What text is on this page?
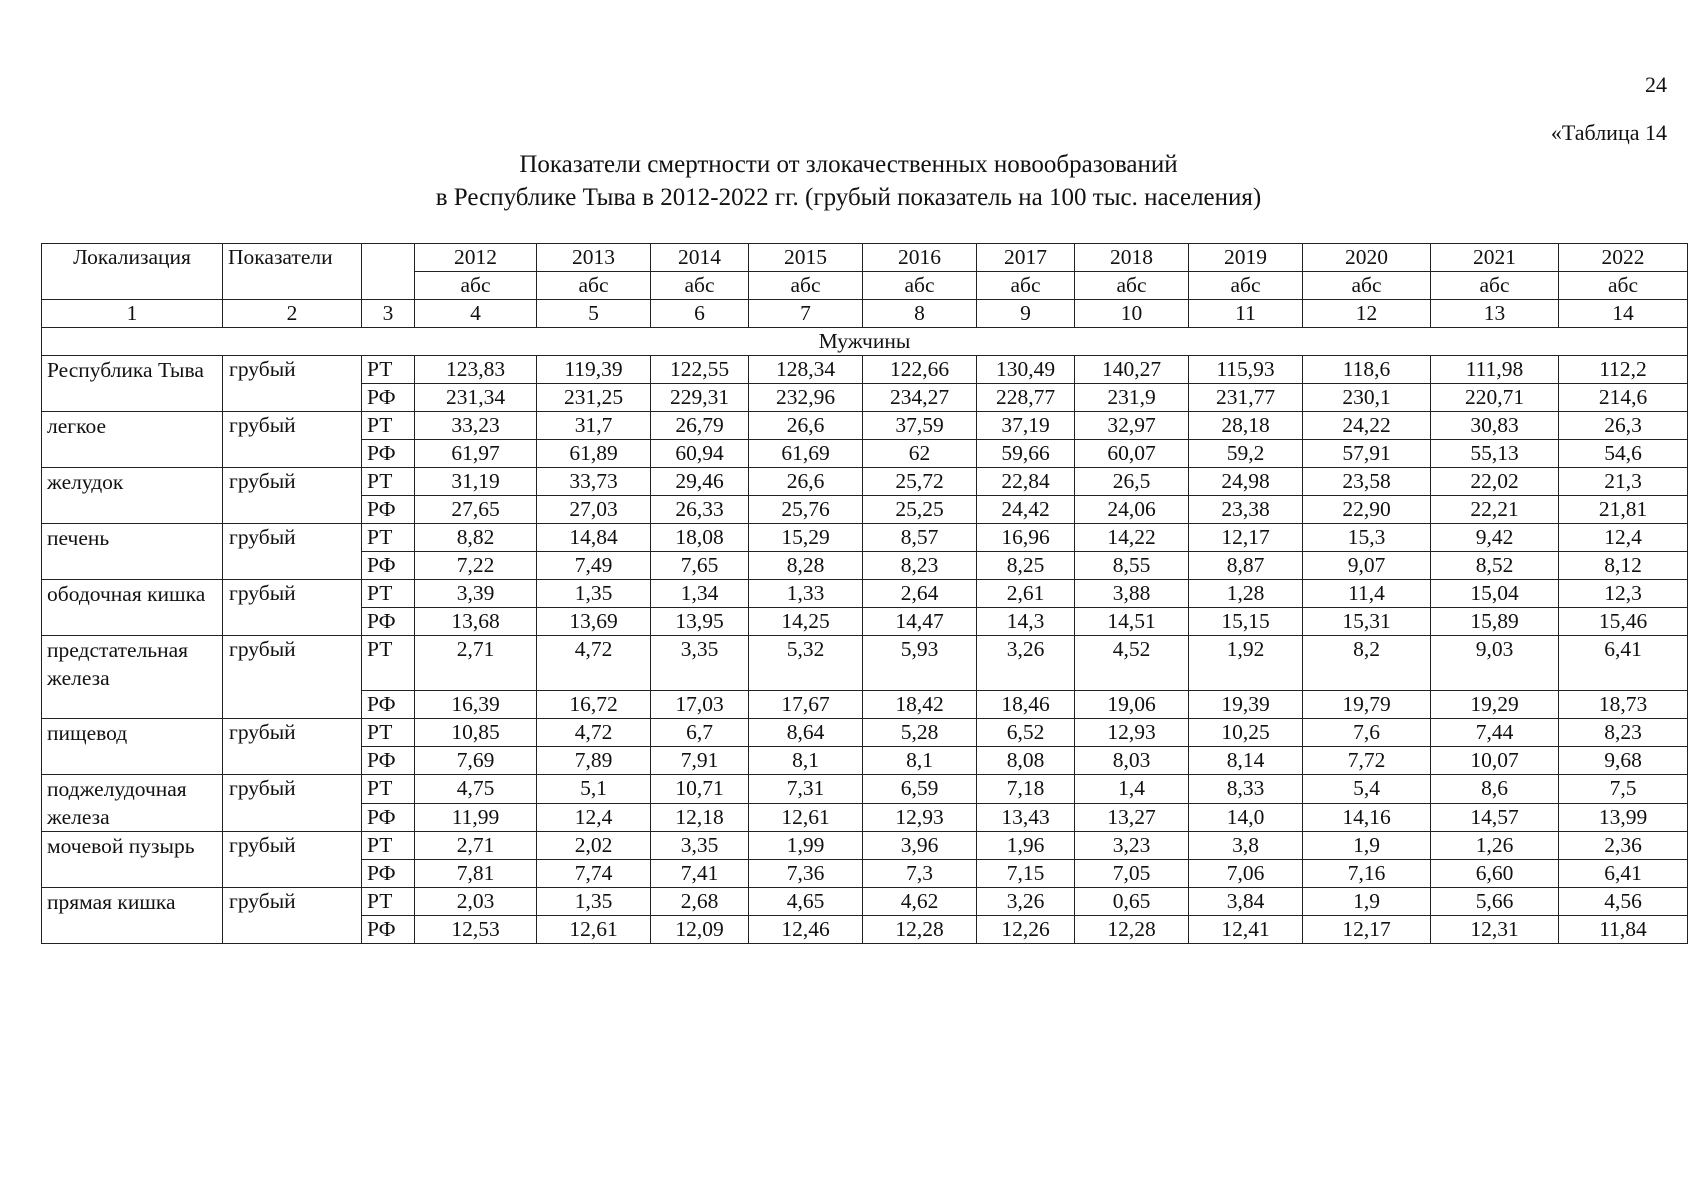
24
«Таблица 14
Показатели смертности от злокачественных новообразований
в Республике Тыва в 2012-2022 гг. (грубый показатель на 100 тыс. населения)
Локализация	Показатели		2012	2013	2014	2015	2016	2017	2018	2019	2020	2021	2022
			абс	абс	абс	абс	абс	абс	абс	абс	абс	абс	абс
1	2	3	4	5	6	7	8	9	10	11	12	13	14
Мужчины													
Республика Тыва	грубый	РТ	123,83	119,39	122,55	128,34	122,66	130,49	140,27	115,93	118,6	111,98	112,2
		РФ	231,34	231,25	229,31	232,96	234,27	228,77	231,9	231,77	230,1	220,71	214,6
легкое	грубый	РТ	33,23	31,7	26,79	26,6	37,59	37,19	32,97	28,18	24,22	30,83	26,3
		РФ	61,97	61,89	60,94	61,69	62	59,66	60,07	59,2	57,91	55,13	54,6
желудок	грубый	РТ	31,19	33,73	29,46	26,6	25,72	22,84	26,5	24,98	23,58	22,02	21,3
		РФ	27,65	27,03	26,33	25,76	25,25	24,42	24,06	23,38	22,90	22,21	21,81
печень	грубый	РТ	8,82	14,84	18,08	15,29	8,57	16,96	14,22	12,17	15,3	9,42	12,4
		РФ	7,22	7,49	7,65	8,28	8,23	8,25	8,55	8,87	9,07	8,52	8,12
ободочная кишка	грубый	РТ	3,39	1,35	1,34	1,33	2,64	2,61	3,88	1,28	11,4	15,04	12,3
		РФ	13,68	13,69	13,95	14,25	14,47	14,3	14,51	15,15	15,31	15,89	15,46
предстательная железа	грубый	РТ	2,71	4,72	3,35	5,32	5,93	3,26	4,52	1,92	8,2	9,03	6,41
		РФ	16,39	16,72	17,03	17,67	18,42	18,46	19,06	19,39	19,79	19,29	18,73
пищевод	грубый	РТ	10,85	4,72	6,7	8,64	5,28	6,52	12,93	10,25	7,6	7,44	8,23
		РФ	7,69	7,89	7,91	8,1	8,1	8,08	8,03	8,14	7,72	10,07	9,68
поджелудочная железа	грубый	РТ	4,75	5,1	10,71	7,31	6,59	7,18	1,4	8,33	5,4	8,6	7,5
		РФ	11,99	12,4	12,18	12,61	12,93	13,43	13,27	14,0	14,16	14,57	13,99
мочевой пузырь	грубый	РТ	2,71	2,02	3,35	1,99	3,96	1,96	3,23	3,8	1,9	1,26	2,36
		РФ	7,81	7,74	7,41	7,36	7,3	7,15	7,05	7,06	7,16	6,60	6,41
прямая кишка	грубый	РТ	2,03	1,35	2,68	4,65	4,62	3,26	0,65	3,84	1,9	5,66	4,56
		РФ	12,53	12,61	12,09	12,46	12,28	12,26	12,28	12,41	12,17	12,31	11,84
